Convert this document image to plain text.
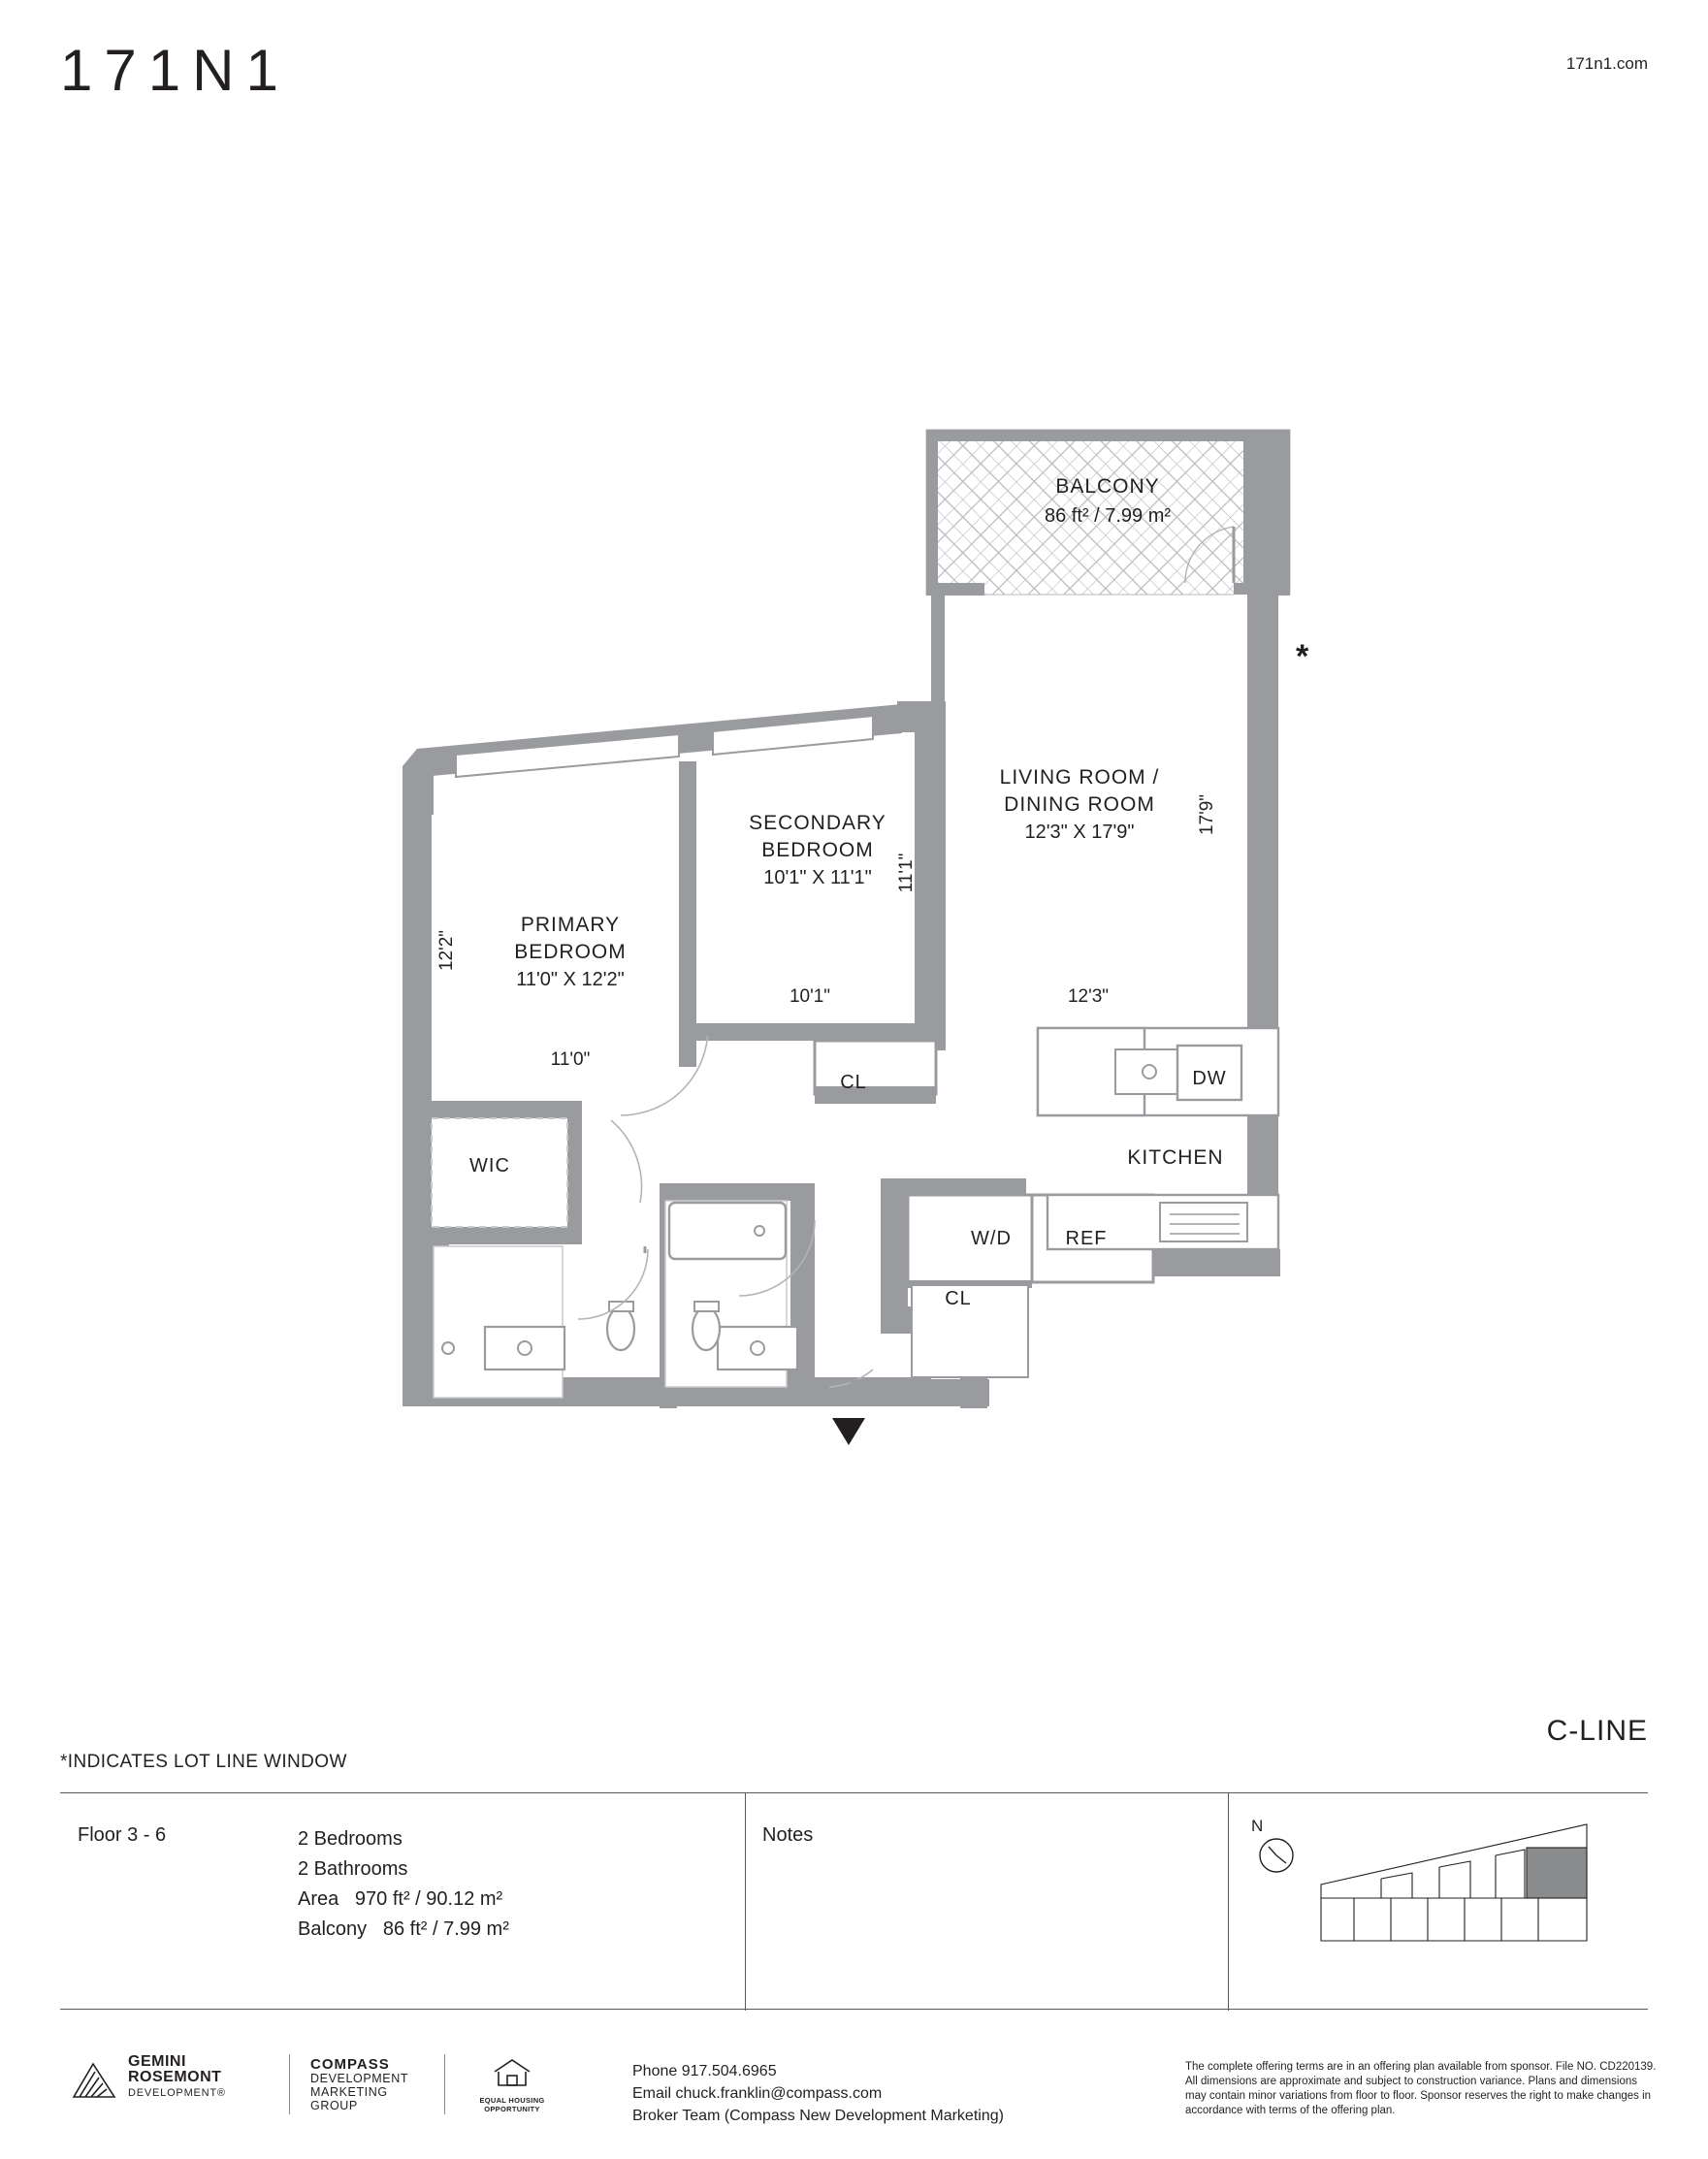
171N1	171n1.com
BALCONY
86 ft² / 7.99 m²
LIVING ROOM /
DINING ROOM
12'3" X 17'9"	17'9"
12'3"
SECONDARY
BEDROOM
10'1" X 11'1" 11'1"
10'1"
PRIMARY
BEDROOM
11'0" X 12'2"
12'2"
11'0"
WIC
CL
CL
W/D	REF
DW
KITCHEN
*
C-LINE
*INDICATES LOT LINE WINDOW
Floor 3 - 6	2 Bedrooms
2 Bathrooms
Area 970 ft² / 90.12 m²
Balcony 86 ft² / 7.99 m²
Notes	N
GEMINI
ROSEMONT
DEVELOPMENT®
COMPASS
DEVELOPMENT
MARKETING
GROUP	EQUAL HOUSING
OPPORTUNITY
Phone 917.504.6965
Email chuck.franklin@compass.com
Broker Team (Compass New Development Marketing)
The complete offering terms are in an offering plan available from sponsor. File NO. CD220139. All dimensions are approximate and subject to construction variance. Plans and dimensions may contain minor variations from floor to floor. Sponsor reserves the right to make changes in accordance with terms of the offering plan.
